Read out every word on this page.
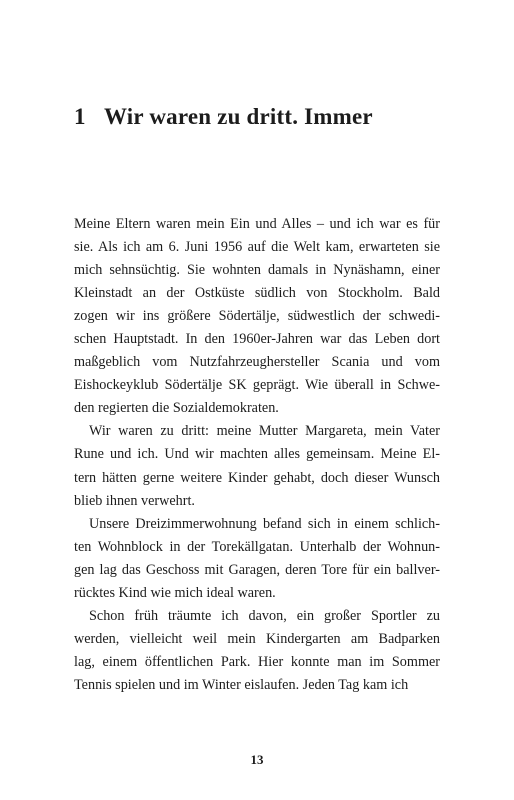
1 Wir waren zu dritt. Immer
Meine Eltern waren mein Ein und Alles – und ich war es für
sie. Als ich am 6. Juni 1956 auf die Welt kam, erwarteten sie
mich sehnsüchtig. Sie wohnten damals in Nynäshamn, einer
Kleinstadt an der Ostküste südlich von Stockholm. Bald
zogen wir ins größere Södertälje, südwestlich der schwedi-
schen Hauptstadt. In den 1960er-Jahren war das Leben dort
maßgeblich vom Nutzfahrzeughersteller Scania und vom
Eishockeyklub Södertälje SK geprägt. Wie überall in Schwe-
den regierten die Sozialdemokraten.
Wir waren zu dritt: meine Mutter Margareta, mein Vater
Rune und ich. Und wir machten alles gemeinsam. Meine El-
tern hätten gerne weitere Kinder gehabt, doch dieser Wunsch
blieb ihnen verwehrt.
Unsere Dreizimmerwohnung befand sich in einem schlich-
ten Wohnblock in der Torekällgatan. Unterhalb der Wohnun-
gen lag das Geschoss mit Garagen, deren Tore für ein ballver-
rücktes Kind wie mich ideal waren.
Schon früh träumte ich davon, ein großer Sportler zu
werden, vielleicht weil mein Kindergarten am Badparken
lag, einem öffentlichen Park. Hier konnte man im Sommer
Tennis spielen und im Winter eislaufen. Jeden Tag kam ich
13
